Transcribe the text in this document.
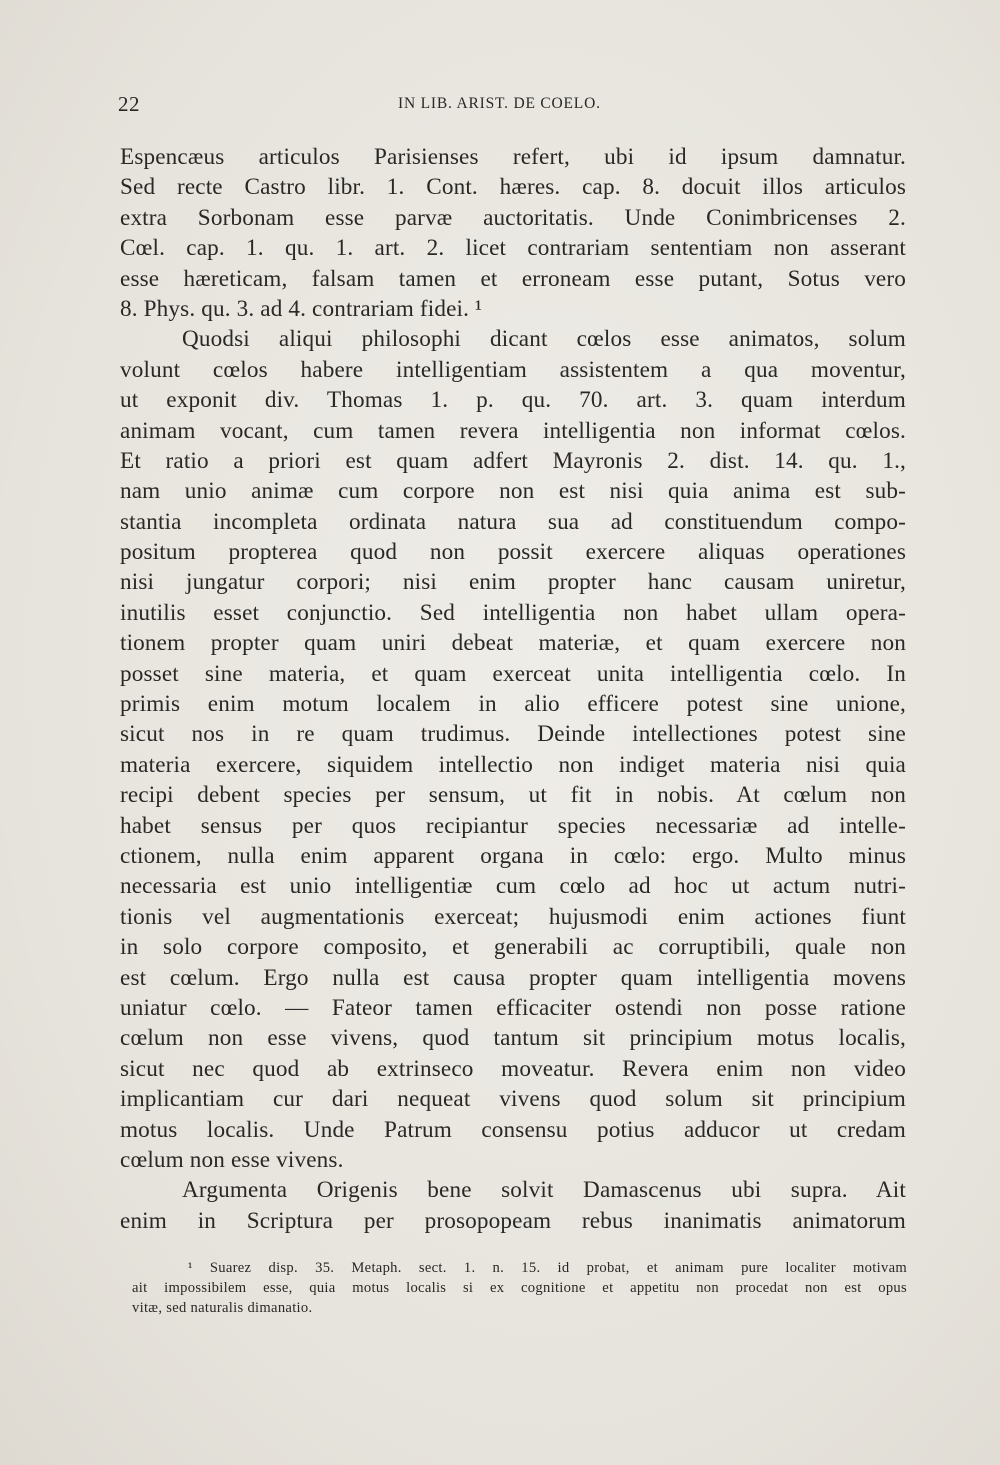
22	IN LIB. ARIST. DE COELO.
Espencæus articulos Parisienses refert, ubi id ipsum damnatur.
Sed recte Castro libr. 1. Cont. hæres. cap. 8. docuit illos articulos
extra Sorbonam esse parvæ auctoritatis. Unde Conimbricenses 2.
Cœl. cap. 1. qu. 1. art. 2. licet contrariam sententiam non asserant
esse hæreticam, falsam tamen et erroneam esse putant, Sotus vero
8. Phys. qu. 3. ad 4. contrariam fidei. ¹
Quodsi aliqui philosophi dicant cœlos esse animatos, solum
volunt cœlos habere intelligentiam assistentem a qua moventur,
ut exponit div. Thomas 1. p. qu. 70. art. 3. quam interdum
animam vocant, cum tamen revera intelligentia non informat cœlos.
Et ratio a priori est quam adfert Mayronis 2. dist. 14. qu. 1.,
nam unio animæ cum corpore non est nisi quia anima est sub-
stantia incompleta ordinata natura sua ad constituendum compo-
positum propterea quod non possit exercere aliquas operationes
nisi jungatur corpori; nisi enim propter hanc causam uniretur,
inutilis esset conjunctio. Sed intelligentia non habet ullam opera-
tionem propter quam uniri debeat materiæ, et quam exercere non
posset sine materia, et quam exerceat unita intelligentia cœlo. In
primis enim motum localem in alio efficere potest sine unione,
sicut nos in re quam trudimus. Deinde intellectiones potest sine
materia exercere, siquidem intellectio non indiget materia nisi quia
recipi debent species per sensum, ut fit in nobis. At cœlum non
habet sensus per quos recipiantur species necessariæ ad intelle-
ctionem, nulla enim apparent organa in cœlo: ergo. Multo minus
necessaria est unio intelligentiæ cum cœlo ad hoc ut actum nutri-
tionis vel augmentationis exerceat; hujusmodi enim actiones fiunt
in solo corpore composito, et generabili ac corruptibili, quale non
est cœlum. Ergo nulla est causa propter quam intelligentia movens
uniatur cœlo. — Fateor tamen efficaciter ostendi non posse ratione
cœlum non esse vivens, quod tantum sit principium motus localis,
sicut nec quod ab extrinseco moveatur. Revera enim non video
implicantiam cur dari nequeat vivens quod solum sit principium
motus localis. Unde Patrum consensu potius adducor ut credam
cœlum non esse vivens.
Argumenta Origenis bene solvit Damascenus ubi supra. Ait
enim in Scriptura per prosopopeam rebus inanimatis animatorum
¹ Suarez disp. 35. Metaph. sect. 1. n. 15. id probat, et animam pure localiter motivam
ait impossibilem esse, quia motus localis si ex cognitione et appetitu non procedat non est opus
vitæ, sed naturalis dimanatio.
